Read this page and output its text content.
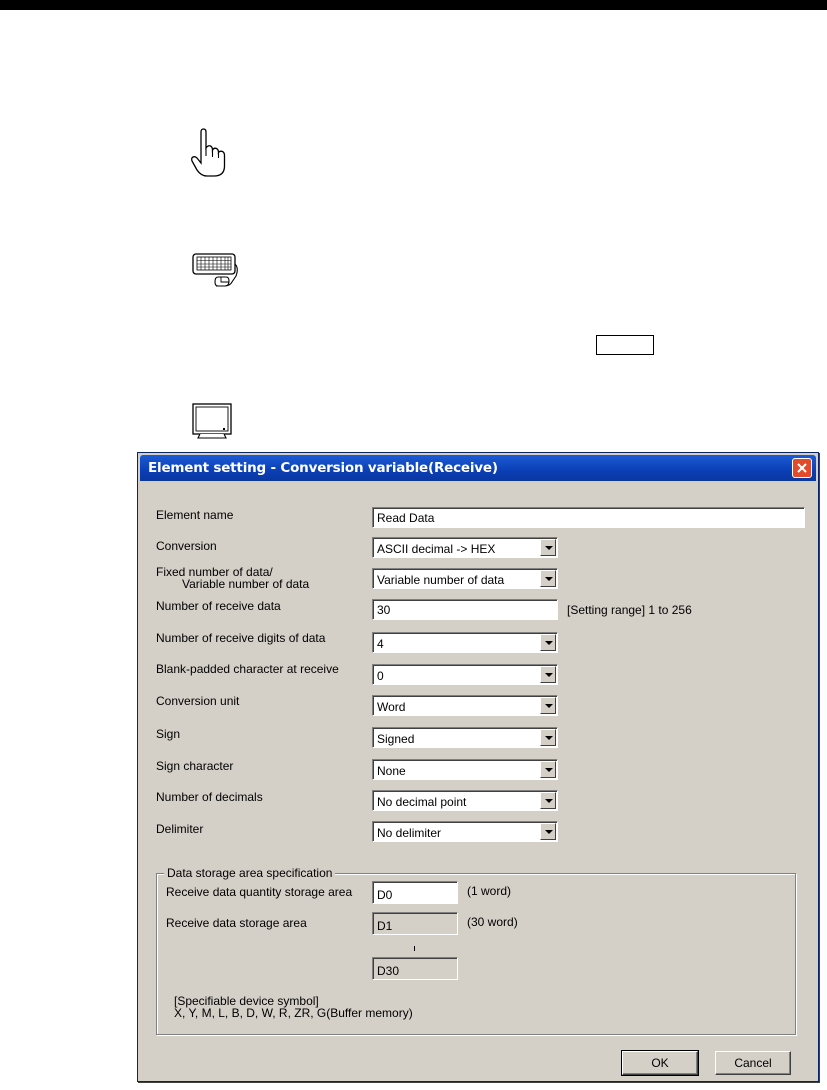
Element setting - Conversion variable(Receive)
Element name	Read Data
Conversion	ASCII decimal -> HEX
Fixed number of data/
Variable number of data	Variable number of data
Number of receive data	30	[Setting range] 1 to 256
Number of receive digits of data	4
Blank-padded character at receive	0
Conversion unit	Word
Sign	Signed
Sign character	None
Number of decimals	No decimal point
Delimiter	No delimiter
Data storage area specification
Receive data quantity storage area	D0	(1 word)
Receive data storage area	D1	(30 word)
D30
[Specifiable device symbol]
X, Y, M, L, B, D, W, R, ZR, G(Buffer memory)
OK	Cancel
